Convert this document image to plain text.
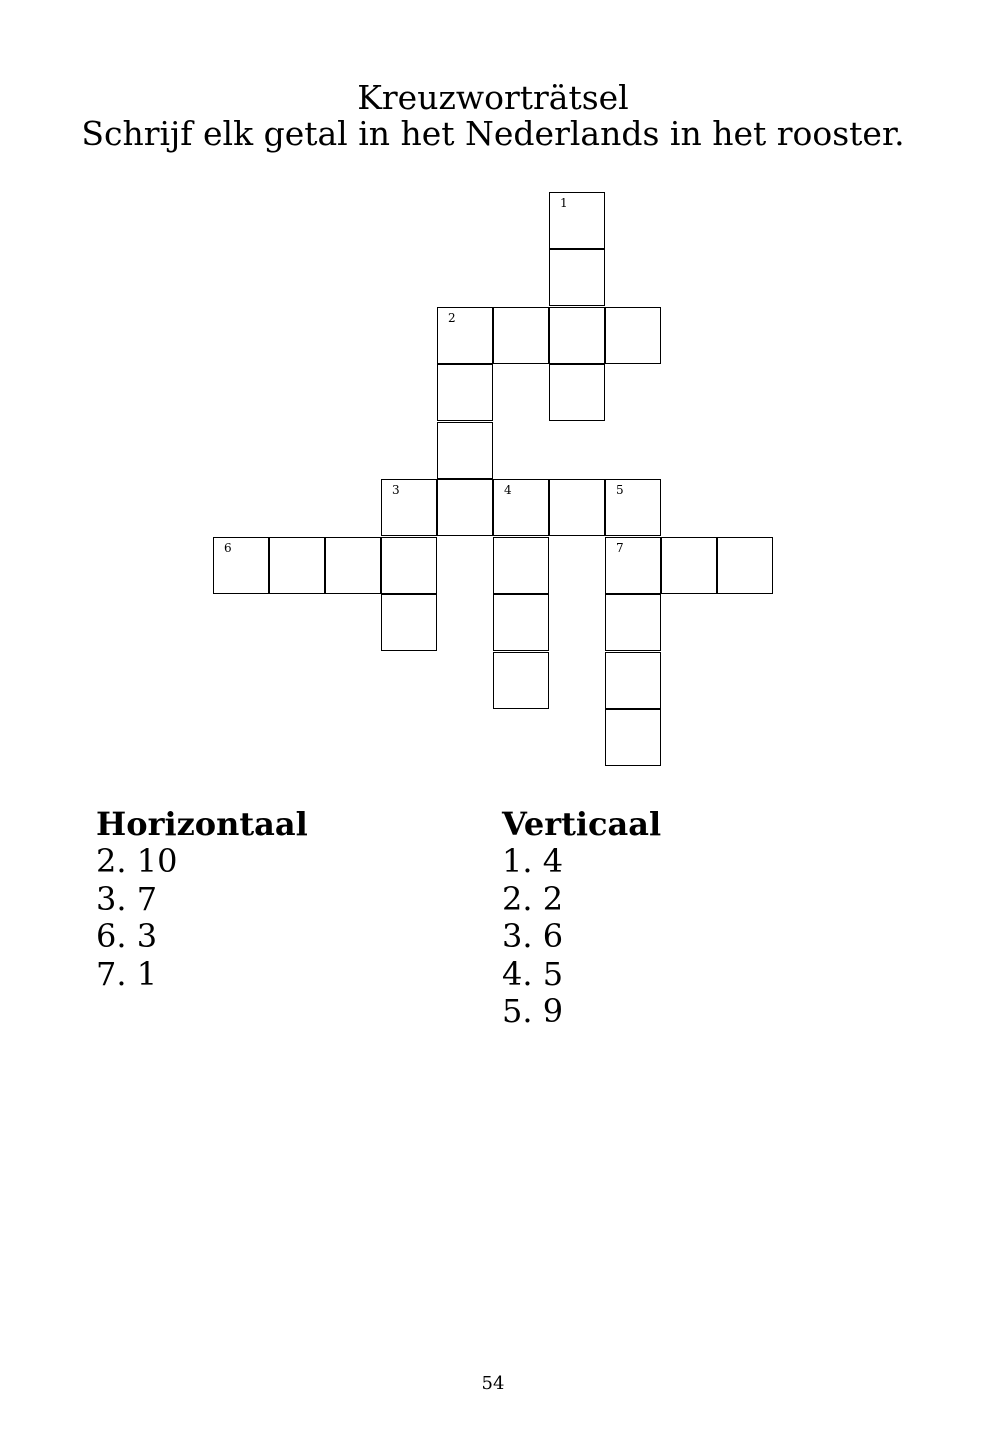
Kreuzworträtsel
Schrijf elk getal in het Nederlands in het rooster.
1
2
3	4	5
6	7
Horizontaal
2. 10
3. 7
6. 3
7. 1
Verticaal
1. 4
2. 2
3. 6
4. 5
5. 9
54
